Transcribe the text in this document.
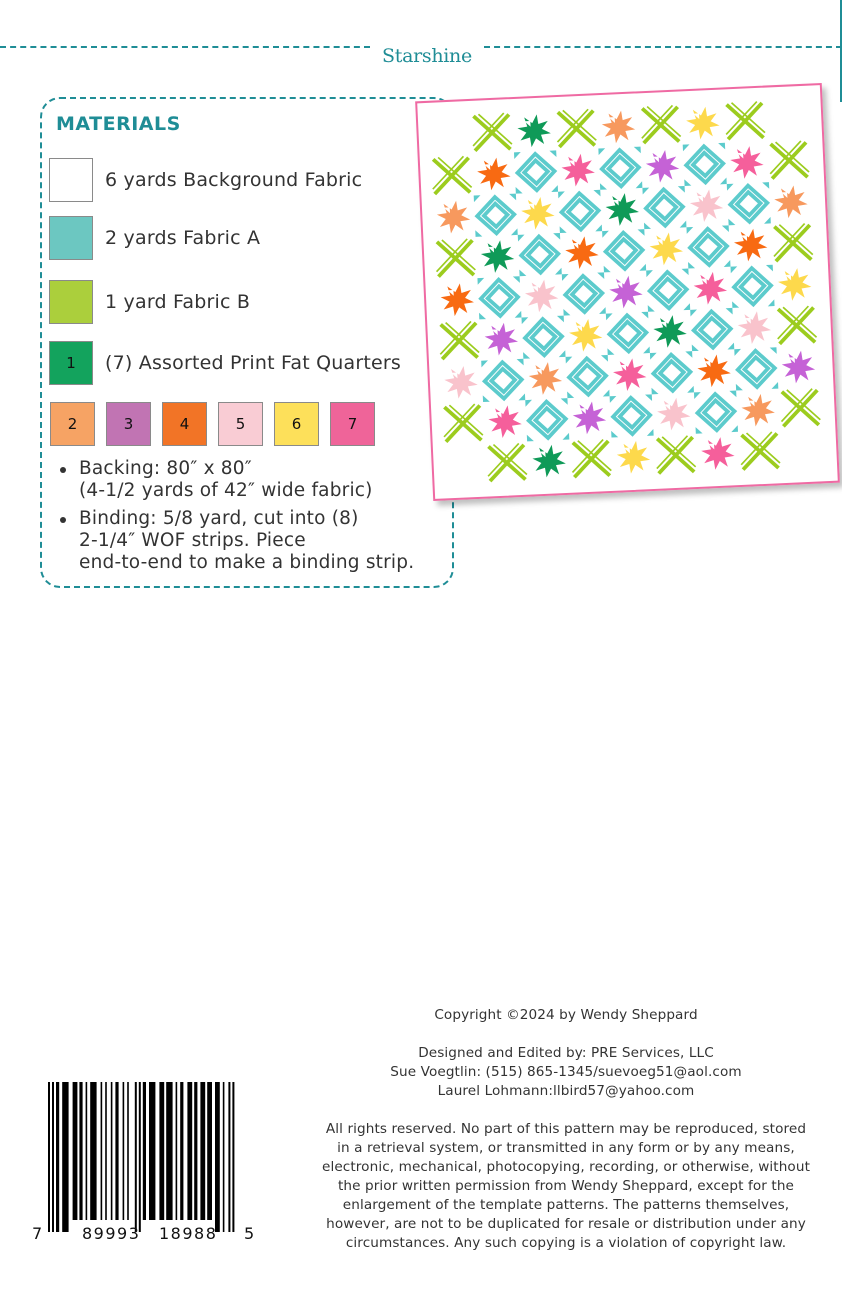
Starshine
MATERIALS
6 yards Background Fabric
2 yards Fabric A
1 yard Fabric B
1	(7) Assorted Print Fat Quarters
2	3	4	5	6	7
Backing: 80″ x 80″
(4-1/2 yards of 42″ wide fabric)
Binding: 5/8 yard, cut into (8)
2-1/4″ WOF strips. Piece
end-to-end to make a binding strip.

Copyright ©2024 by Wendy Sheppard

Designed and Edited by: PRE Services, LLC

Sue Voegtlin: (515) 865-1345/suevoeg51@aol.com

Laurel Lohmann:llbird57@yahoo.com

All rights reserved. No part of this pattern may be reproduced, stored

in a retrieval system, or transmitted in any form or by any means,

electronic, mechanical, photocopying, recording, or otherwise, without

the prior written permission from Wendy Sheppard, except for the

enlargement of the template patterns. The patterns themselves,

however, are not to be duplicated for resale or distribution under any

circumstances. Any such copying is a violation of copyright law.

7 89993 18988 5
